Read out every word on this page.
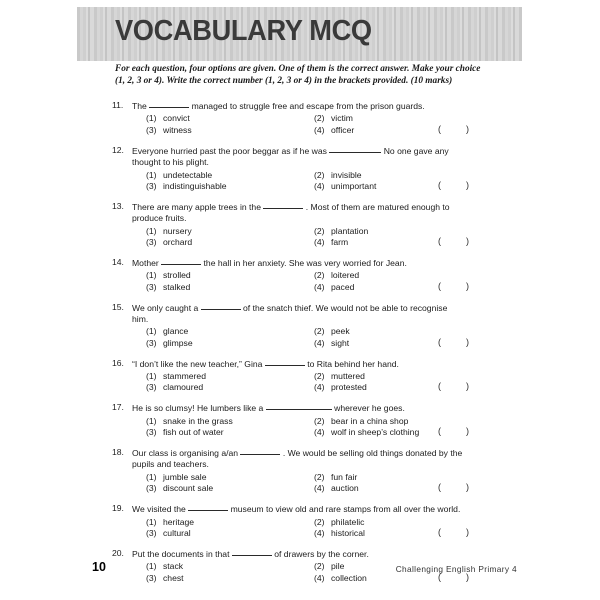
VOCABULARY MCQ
For each question, four options are given. One of them is the correct answer. Make your choice
(1, 2, 3 or 4). Write the correct number (1, 2, 3 or 4) in the brackets provided. (10 marks)
11.	The	managed to struggle free and escape from the prison guards.
(1) convict	(2) victim
(3) witness	(4) officer	(	)
12. Everyone hurried past the poor beggar as if he was	No one gave any
thought to his plight.
(1) undetectable	(2) invisible
(3) indistinguishable	(4) unimportant	(	)
13. There are many apple trees in the	. Most of them are matured enough to
produce fruits.
(1) nursery	(2) plantation
(3) orchard	(4) farm	(	)
14. Mother	the hall in her anxiety. She was very worried for Jean.
(1) strolled	(2) loitered
(3) stalked	(4) paced	(	)
15. We only caught a	of the snatch thief. We would not be able to recognise
him.
(1) glance	(2) peek
(3) glimpse	(4) sight	(	)
16. “I don’t like the new teacher,” Gina	to Rita behind her hand.
(1) stammered	(2) muttered
(3) clamoured	(4) protested	(	)
17. He is so clumsy! He lumbers like a	wherever he goes.
(1) snake in the grass	(2) bear in a china shop
(3) fish out of water	(4) wolf in sheep’s clothing (	)
18. Our class is organising a/an	. We would be selling old things donated by the
pupils and teachers.
(1) jumble sale	(2) fun fair
(3) discount sale	(4) auction	(	)
19. We visited the	museum to view old and rare stamps from all over the world.
(1) heritage	(2) philatelic
(3) cultural	(4) historical	(	)
20. Put the documents in that	of drawers by the corner.
(1) stack	(2) pile
(3) chest	(4) collection	(	)
10	Challenging English Primary 4
